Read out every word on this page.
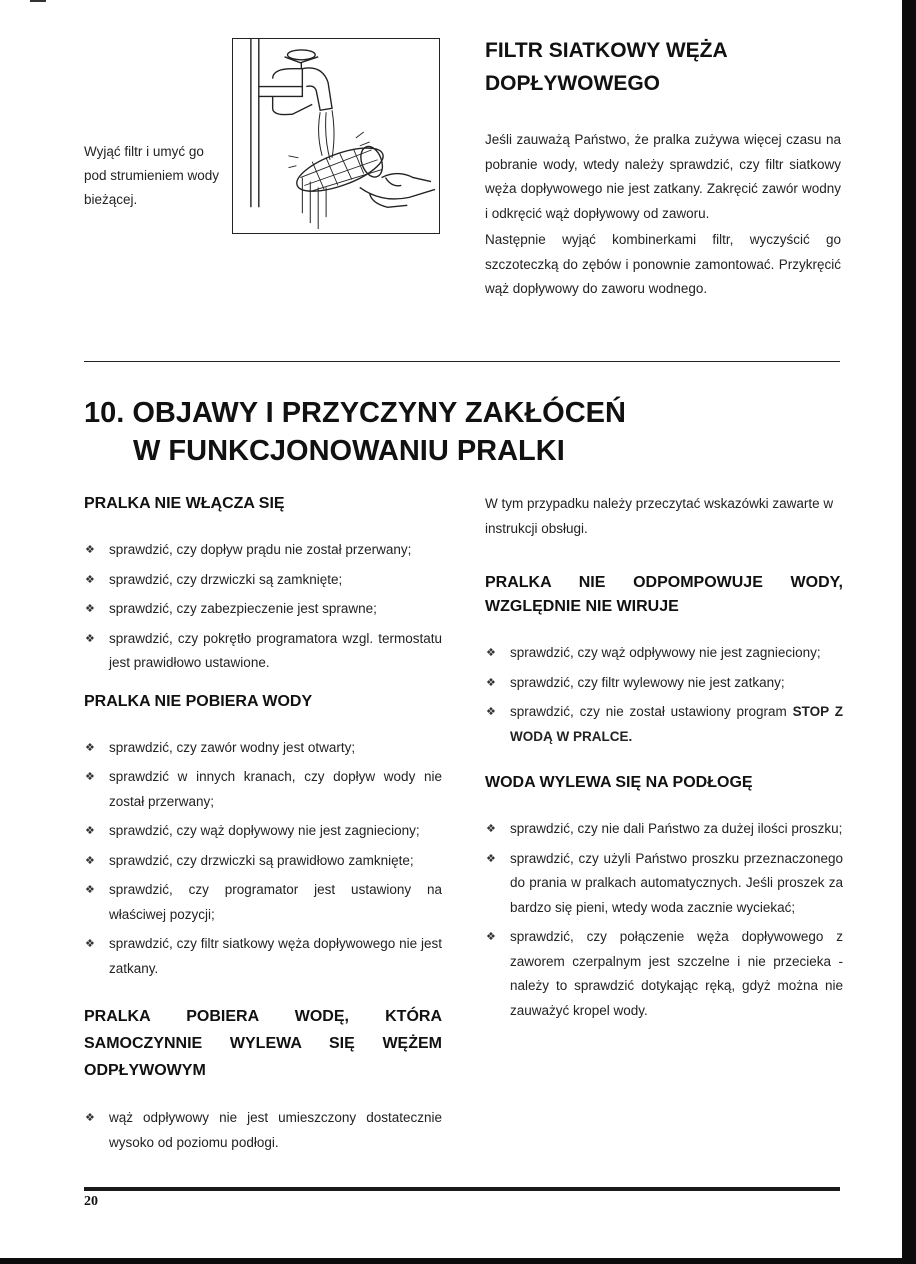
Wyjąć filtr i umyć go pod strumieniem wody bieżącej.

FILTR SIATKOWY WĘŻA DOPŁYWOWEGO

Jeśli zauważą Państwo, że pralka zużywa więcej czasu na pobranie wody, wtedy należy sprawdzić, czy filtr siatkowy węża dopływowego nie jest zatkany. Zakręcić zawór wodny i odkręcić wąż dopływowy od zaworu.

Następnie wyjąć kombinerkami filtr, wyczyścić go szczoteczką do zębów i ponownie zamontować. Przykręcić wąż dopływowy do zaworu wodnego.

10. OBJAWY I PRZYCZYNY ZAKŁÓCEŃ
W FUNKCJONOWANIU PRALKI
PRALKA NIE WŁĄCZA SIĘ
❖ sprawdzić, czy dopływ prądu nie został przerwany;
❖ sprawdzić, czy drzwiczki są zamknięte;
❖ sprawdzić, czy zabezpieczenie jest sprawne;
❖ sprawdzić, czy pokrętło programatora wzgl. termostatu jest prawidłowo ustawione.
PRALKA NIE POBIERA WODY
❖ sprawdzić, czy zawór wodny jest otwarty;
❖ sprawdzić w innych kranach, czy dopływ wody nie został przerwany;
❖ sprawdzić, czy wąż dopływowy nie jest zagnieciony;
❖ sprawdzić, czy drzwiczki są prawidłowo zamknięte;
❖ sprawdzić, czy programator jest ustawiony na właściwej pozycji;
❖ sprawdzić, czy filtr siatkowy węża dopływowego nie jest zatkany.
PRALKA POBIERA WODĘ, KTÓRA SAMOCZYNNIE WYLEWA SIĘ WĘŻEM ODPŁYWOWYM
❖ wąż odpływowy nie jest umieszczony dostatecznie wysoko od poziomu podłogi.

W tym przypadku należy przeczytać wskazówki zawarte w instrukcji obsługi.

PRALKA NIE ODPOMPOWUJE WODY, WZGLĘDNIE NIE WIRUJE
❖ sprawdzić, czy wąż odpływowy nie jest zagnieciony;
❖ sprawdzić, czy filtr wylewowy nie jest zatkany;
❖ sprawdzić, czy nie został ustawiony program STOP Z WODĄ W PRALCE.
WODA WYLEWA SIĘ NA PODŁOGĘ
❖ sprawdzić, czy nie dali Państwo za dużej ilości proszku;
❖ sprawdzić, czy użyli Państwo proszku przeznaczonego do prania w pralkach automatycznych. Jeśli proszek za bardzo się pieni, wtedy woda zacznie wyciekać;
❖ sprawdzić, czy połączenie węża dopływowego z zaworem czerpalnym jest szczelne i nie przecieka - należy to sprawdzić dotykając ręką, gdyż można nie zauważyć kropel wody.
20
